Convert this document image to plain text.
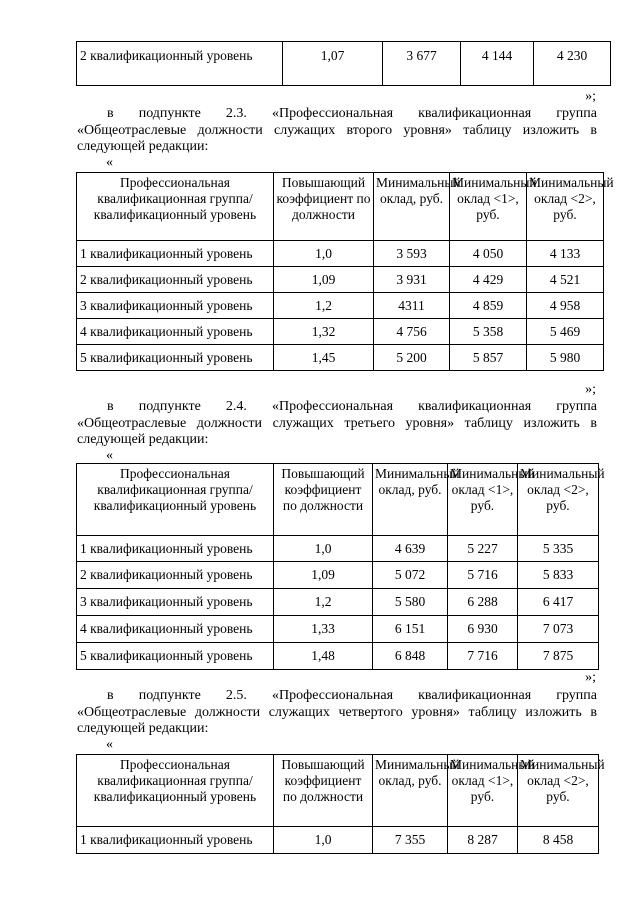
2 квалификационный уровень	1,07	3 677	4 144	4 230
»;
в подпункте 2.3. «Профессиональная квалификационная группа
«Общеотраслевые должности служащих второго уровня» таблицу изложить в следующей редакции:
«
Профессиональная квалификационная группа/ квалификационный уровень	Повышающий коэффициент по должности	Минимальный оклад, руб.	Минимальный оклад <1>, руб.	Минимальный оклад <2>, руб.
1 квалификационный уровень	1,0	3 593	4 050	4 133
2 квалификационный уровень	1,09	3 931	4 429	4 521
3 квалификационный уровень	1,2	4311	4 859	4 958
4 квалификационный уровень	1,32	4 756	5 358	5 469
5 квалификационный уровень	1,45	5 200	5 857	5 980
»;
в подпункте 2.4. «Профессиональная квалификационная группа
«Общеотраслевые должности служащих третьего уровня» таблицу изложить в следующей редакции:
«
Профессиональная квалификационная группа/ квалификационный уровень	Повышающий коэффициент по должности	Минимальный оклад, руб.	Минимальный оклад <1>, руб.	Минимальный оклад <2>, руб.
1 квалификационный уровень	1,0	4 639	5 227	5 335
2 квалификационный уровень	1,09	5 072	5 716	5 833
3 квалификационный уровень	1,2	5 580	6 288	6 417
4 квалификационный уровень	1,33	6 151	6 930	7 073
5 квалификационный уровень	1,48	6 848	7 716	7 875
»;
в подпункте 2.5. «Профессиональная квалификационная группа
«Общеотраслевые должности служащих четвертого уровня» таблицу изложить в следующей редакции:
«
Профессиональная квалификационная группа/ квалификационный уровень	Повышающий коэффициент по должности	Минимальный оклад, руб.	Минимальный оклад <1>, руб.	Минимальный оклад <2>, руб.
1 квалификационный уровень	1,0	7 355	8 287	8 458
